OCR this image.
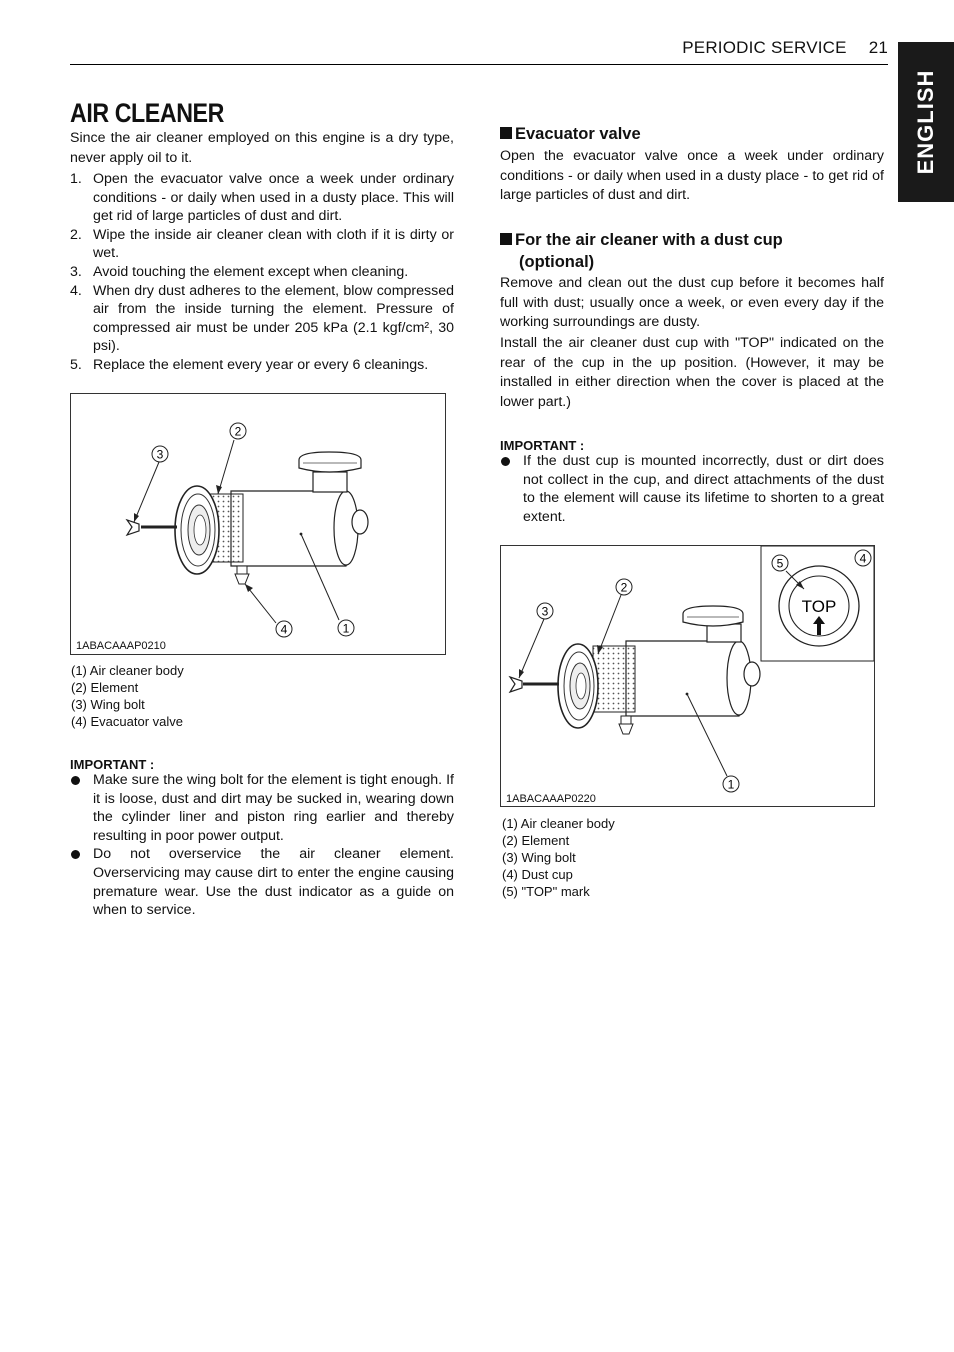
PERIODIC SERVICE 21
ENGLISH
AIR CLEANER
Since the air cleaner employed on this engine is a dry type, never apply oil to it.
1. Open the evacuator valve once a week under ordinary conditions - or daily when used in a dusty place. This will get rid of large particles of dust and dirt.
2. Wipe the inside air cleaner clean with cloth if it is dirty or wet.
3. Avoid touching the element except when cleaning.
4. When dry dust adheres to the element, blow compressed air from the inside turning the element. Pressure of compressed air must be under 205 kPa (2.1 kgf/cm², 30 psi).
5. Replace the element every year or every 6 cleanings.
2
3
4	1
1ABACAAAP0210
(1) Air cleaner body
(2) Element
(3) Wing bolt
(4) Evacuator valve
IMPORTANT :
Make sure the wing bolt for the element is tight enough. If it is loose, dust and dirt may be sucked in, wearing down the cylinder liner and piston ring earlier and thereby resulting in poor power output.
Do not overservice the air cleaner element. Overservicing may cause dirt to enter the engine causing premature wear. Use the dust indicator as a guide on when to service.
Evacuator valve
Open the evacuator valve once a week under ordinary conditions - or daily when used in a dusty place - to get rid of large particles of dust and dirt.
For the air cleaner with a dust cup
(optional)
Remove and clean out the dust cup before it becomes half full with dust; usually once a week, or even every day if the working surroundings are dusty.
Install the air cleaner dust cup with "TOP" indicated on the rear of the cup in the up position. (However, it may be installed in either direction when the cover is placed at the lower part.)
IMPORTANT :
If the dust cup is mounted incorrectly, dust or dirt does not collect in the cup, and direct attachments of the dust to the element will cause its lifetime to shorten to a great extent.
TOP
2
3
1
5	4
1ABACAAAP0220
(1) Air cleaner body
(2) Element
(3) Wing bolt
(4) Dust cup
(5) "TOP" mark
